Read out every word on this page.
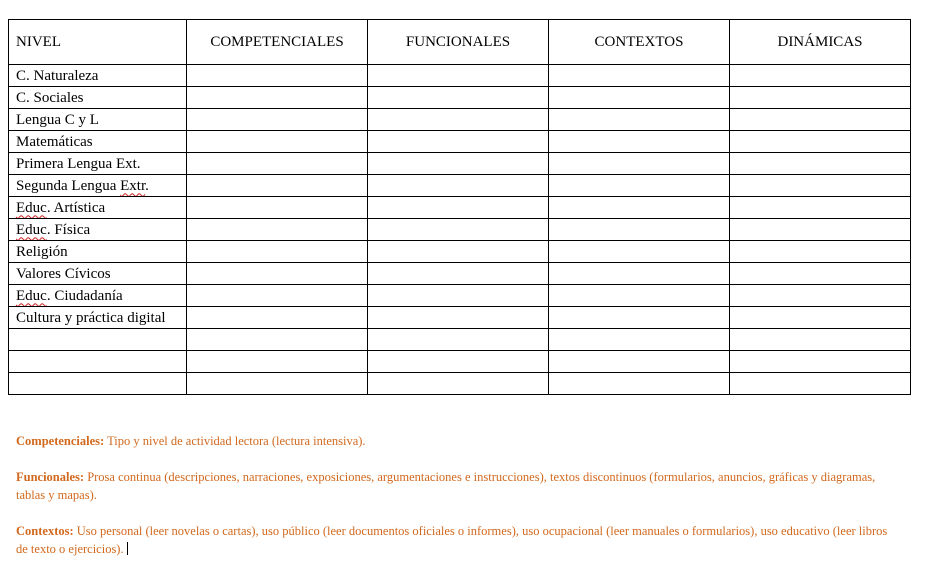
NIVEL	COMPETENCIALES	FUNCIONALES	CONTEXTOS	DINÁMICAS
C. Naturaleza				
C. Sociales				
Lengua C y L				
Matemáticas				
Primera Lengua Ext.				
Segunda Lengua Extr.				
Educ. Artística				
Educ. Física				
Religión				
Valores Cívicos				
Educ. Ciudadanía				
Cultura y práctica digital				

Competenciales: Tipo y nivel de actividad lectora (lectura intensiva).

Funcionales: Prosa continua (descripciones, narraciones, exposiciones, argumentaciones e instrucciones), textos discontinuos (formularios, anuncios, gráficas y diagramas, tablas y mapas).

Contextos: Uso personal (leer novelas o cartas), uso público (leer documentos oficiales o informes), uso ocupacional (leer manuales o formularios), uso educativo (leer libros de texto o ejercicios).
